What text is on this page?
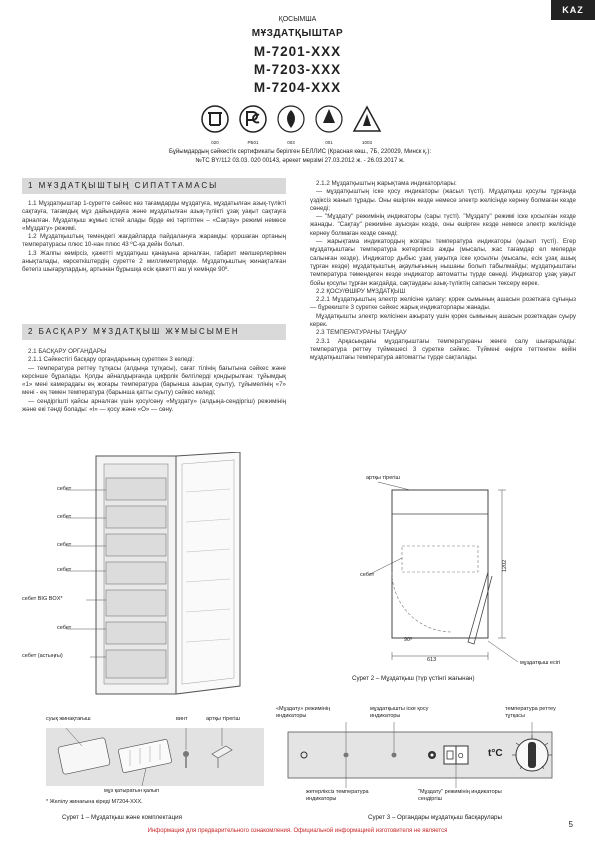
KAZ
ҚОСЫМША
МҰЗДАТҚЫШТАР
М-7201-ХХХ
М-7203-ХХХ
М-7204-ХХХ
020	РБ01	003	001	1003
Бұйымдардың сәйкестік сертификаты берілген БЕЛЛИС (Красная көш., 7Б, 220029, Минск қ.):
№ТС BY/112 03.03. 020 00143, әрекет мерзімі 27.03.2012 ж. - 26.03.2017 ж.
1 МҰЗДАТҚЫШТЫҢ СИПАТТАМАСЫ

1.1 Мұздатқыштар 1-суретте сәйкес көз тағамдарды мұздатуға, мұздатылған азық-түлікті сақтауға, тағамдық мұз дайындауға және мұздатылған азық-түлікті ұзақ уақыт сақтауға арналған. Мұздатқыш жұмыс істей алады бірде екі тәртіптен – «Сақтау» режимі немесе «Мұздату» режимі.

1.2 Мұздатқыштың темендегі жағдайларда пайдалануға жарамды: қоршаған ортаның температурасы плюс 10-нан плюс 43 ºС-қа дейін болып.

1.3 Жалпы көмірсіз, қажетті мұздатқыш қанауына арналған, габарит мөлшерлерімен анықталады, көрсеткіштердің суретте 2 миллиметрлерде. Мұздатқыштың жинақталған бетегіз шығарулардың, артынан бұрышқа есік қажетті аш уі кемінде 90º.

2 БАСҚАРУ МҰЗДАТҚЫШ ЖҰМЫСЫМЕН

2.1 БАСҚАРУ ОРГАНДАРЫ

2.1.1 Сәйкестігі басқару органдарының суретпен 3 келеді:

— температура реттеу тұтқасы (алдыңа тұтқасы), сағат тілінің бағытына сәйкес және керсінше бұралады. Қолды айналдырғанда цифрлік белгілерді қондырылған: тұйымдық «1» мені камерадағы ең жоғары температура (барынша азырақ суыту), тұйымелінің «7» мені - ең төмен температура (барынша қатты суыту) сәйкес келеді;

— сендіргішті қайсы арналған үшін қосу/сөну «Мұздату» (алдыңа-сендіргіш) режимінің және екі тәнді болады: «I» — қосу және «O» — сөну.

2.1.2 Мұздатқыштың жарықтама индикаторлары:

— мұздатқыштың іске қосу индикаторы (жасыл түсті). Мұздатқыш қосулы тұрғанда үздіксіз жанып тұрады. Оны өшірген кезде немесе электр желісінде кернеу болмаған кезде сөнеді;

— "Мұздату" режимінің индикаторы (сары түсті). "Мұздату" режимі іске қосылған кезде жанады. "Сақтау" режиміне ауысқан кезде, оны өшірген кезде немесе электр желісінде кернеу болмаған кезде сөнеді;

— жарықтама индикатордың жоғары температура индикаторы (қызыл түсті). Егер мұздатқыштағы температура жетерліксіз ажды (мысалы, жас тағамдар ел мелерде салынған кезде). Индикатор дыбыс ұзақ уақытқа іске қосылғы (мысалы, есік ұзақ ашық тұрған кезде) мұздатқыштың ақаулығының нышаны болып табылмайды; мұздатқыштағы температура төмендеген кезде индикатор автоматты түрде сөнеді. Индикатор ұзақ уақыт бойы қосулы тұрған жағдайда, сақтаудағы азық-түліктің сапасын тексеру керек.

2.2 ҚОСУ/ӨШІРУ МҰЗДАТҚЫШ

2.2.1 Мұздатқыштың электр желісіне қалағу: қорек сымының ашасын розеткаға сұғыңыз — бұрекиште 3 суретке сәйкес жарық индикаторлары жанады.

Мұздатқышты электр желісінен ажырату үшін қорек сымының ашасын розеткадан суыру керек.

2.3 ТЕМПЕРАТУРАНЫ ТАҢДАУ

2.3.1 Арқасындағы мұздатқыштағы температураны жөнге салу шығарылады: температура реттеу түймешесі 3 суретке сәйкес. Түймені өңірге теттенген кейін мұздатқыштағы температура автоматты түрде сақталады.

себет
себет
себет
себет
себет BIG BOX*
себет
себет (астыңғы)
артқы тірегіш
себет
1202
613
90º
мұздатқыш есігі
Сурет 2 – Мұздатқыш (түр үстінгі жағынан)
суық жинақтағыш	винт	артқы тірегіш
мұз қатыратын қалып
* Желілу жинағына кіреді М7204-ХХХ.
Сурет 1 – Мұздатқыш және комплектация
«Мұздату» режимінің индикаторы
мұздатқышты іске қосу индикаторы
температура реттеу тұтқасы
O t°C
жетерліксіз температура индикаторы
"Мұздату" режимінің индикаторы сендіргіш
Сурет 3 – Органдары мұздатқыш басқарулары
5
Информация для предварительного ознакомления. Официальной информацией изготовителя не является
